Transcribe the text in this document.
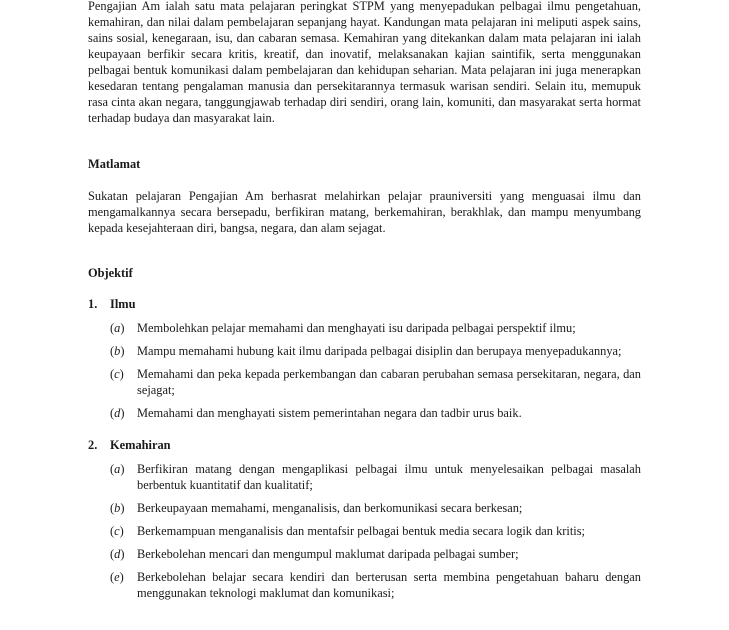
Pengajian Am ialah satu mata pelajaran peringkat STPM yang menyepadukan pelbagai ilmu pengetahuan, kemahiran, dan nilai dalam pembelajaran sepanjang hayat. Kandungan mata pelajaran ini meliputi aspek sains, sains sosial, kenegaraan, isu, dan cabaran semasa. Kemahiran yang ditekankan dalam mata pelajaran ini ialah keupayaan berfikir secara kritis, kreatif, dan inovatif, melaksanakan kajian saintifik, serta menggunakan pelbagai bentuk komunikasi dalam pembelajaran dan kehidupan seharian. Mata pelajaran ini juga menerapkan kesedaran tentang pengalaman manusia dan persekitarannya termasuk warisan sendiri. Selain itu, memupuk rasa cinta akan negara, tanggungjawab terhadap diri sendiri, orang lain, komuniti, dan masyarakat serta hormat terhadap budaya dan masyarakat lain.

Matlamat

Sukatan pelajaran Pengajian Am berhasrat melahirkan pelajar prauniversiti yang menguasai ilmu dan mengamalkannya secara bersepadu, berfikiran matang, berkemahiran, berakhlak, dan mampu menyumbang kepada kesejahteraan diri, bangsa, negara, dan alam sejagat.

Objektif

1.	Ilmu
(a)	Membolehkan pelajar memahami dan menghayati isu daripada pelbagai perspektif ilmu;
(b)	Mampu memahami hubung kait ilmu daripada pelbagai disiplin dan berupaya menyepadukannya;
(c)	Memahami dan peka kepada perkembangan dan cabaran perubahan semasa persekitaran, negara, dan sejagat;
(d)	Memahami dan menghayati sistem pemerintahan negara dan tadbir urus baik.
2.	Kemahiran
(a)	Berfikiran matang dengan mengaplikasi pelbagai ilmu untuk menyelesaikan pelbagai masalah berbentuk kuantitatif dan kualitatif;
(b)	Berkeupayaan memahami, menganalisis, dan berkomunikasi secara berkesan;
(c)	Berkemampuan menganalisis dan mentafsir pelbagai bentuk media secara logik dan kritis;
(d)	Berkebolehan mencari dan mengumpul maklumat daripada pelbagai sumber;
(e)	Berkebolehan belajar secara kendiri dan berterusan serta membina pengetahuan baharu dengan menggunakan teknologi maklumat dan komunikasi;
